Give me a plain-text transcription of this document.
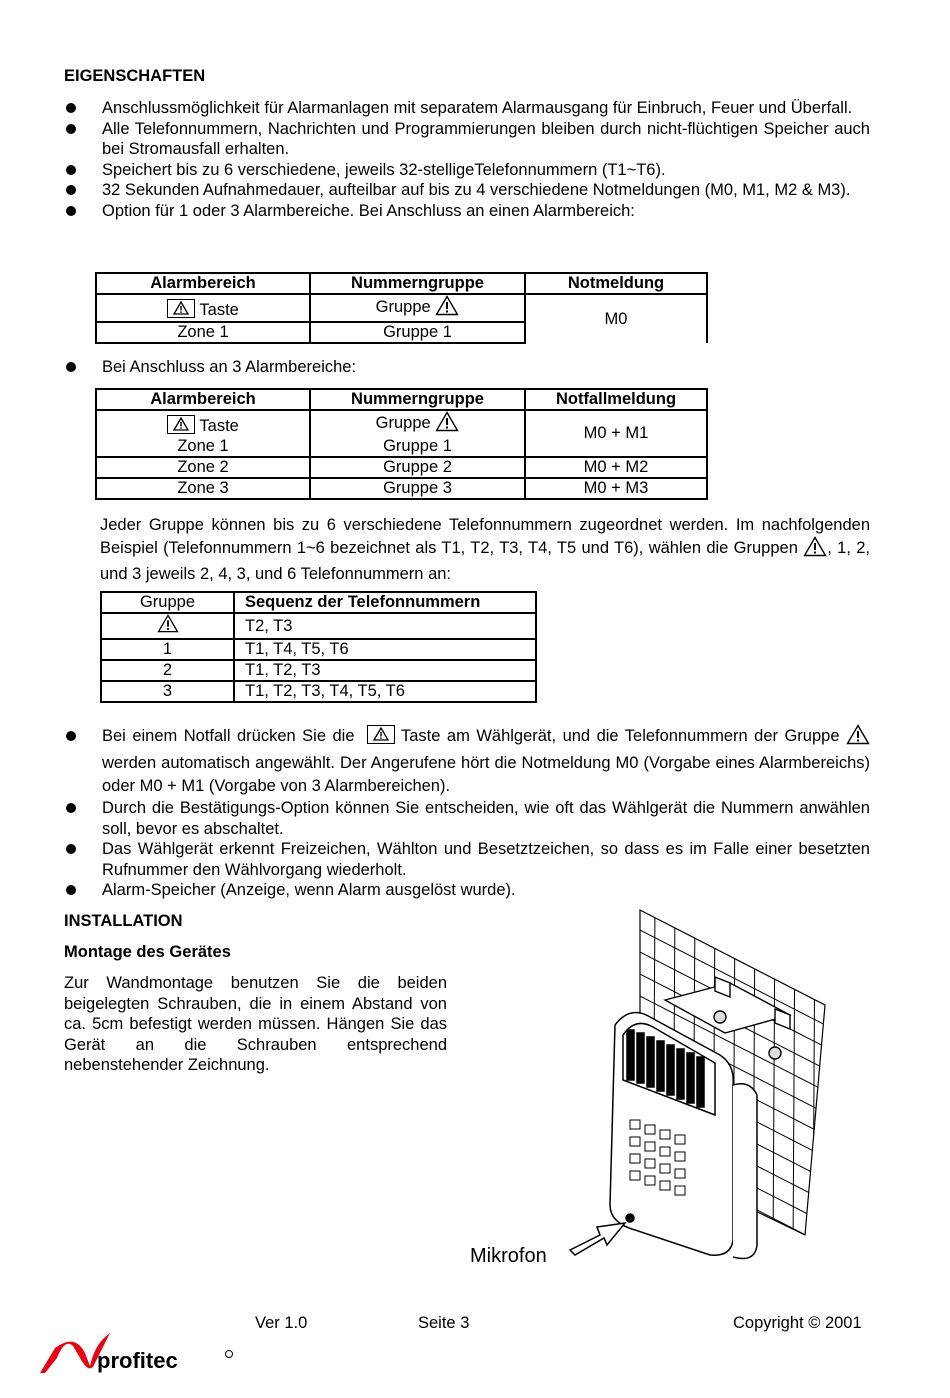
EIGENSCHAFTEN
Anschlussmöglichkeit für Alarmanlagen mit separatem Alarmausgang für Einbruch, Feuer und Überfall.
Alle Telefonnummern, Nachrichten und Programmierungen bleiben durch nicht-flüchtigen Speicher auch bei Stromausfall erhalten.
Speichert bis zu 6 verschiedene, jeweils 32-stelligeTelefonnummern (T1~T6).
32 Sekunden Aufnahmedauer, aufteilbar auf bis zu 4 verschiedene Notmeldungen (M0, M1, M2 & M3).
Option für 1 oder 3 Alarmbereiche. Bei Anschluss an einen Alarmbereich:
Alarmbereich	Nummerngruppe	Notmeldung

Taste	Gruppe	M0
Zone 1	Gruppe 1	
Bei Anschluss an 3 Alarmbereiche:
Alarmbereich	Nummerngruppe	Notfallmeldung

Taste	Gruppe	M0 + M1
Zone 1	Gruppe 1	
Zone 2	Gruppe 2	M0 + M2
Zone 3	Gruppe 3	M0 + M3
Jeder Gruppe können bis zu 6 verschiedene Telefonnummern zugeordnet werden. Im nachfolgenden Beispiel (Telefonnummern 1~6 bezeichnet als T1, T2, T3, T4, T5 und T6), wählen die Gruppen , 1, 2, und 3 jeweils 2, 4, 3, und 6 Telefonnummern an:
Gruppe	Sequenz der Telefonnummern
	T2, T3
1	T1, T4, T5, T6
2	T1, T2, T3
3	T1, T2, T3, T4, T5, T6
Bei einem Notfall drücken Sie die	Taste am Wählgerät, und die Telefonnummern der Gruppe  werden automatisch angewählt. Der Angerufene hört die Notmeldung M0 (Vorgabe eines Alarmbereichs) oder M0 + M1 (Vorgabe von 3 Alarmbereichen).
Durch die Bestätigungs-Option können Sie entscheiden, wie oft das Wählgerät die Nummern anwählen soll, bevor es abschaltet.
Das Wählgerät erkennt Freizeichen, Wählton und Besetztzeichen, so dass es im Falle einer besetzten Rufnummer den Wählvorgang wiederholt.
Alarm-Speicher (Anzeige, wenn Alarm ausgelöst wurde).
INSTALLATION
Montage des Gerätes
Zur Wandmontage benutzen Sie die beiden beigelegten Schrauben, die in einem Abstand von ca. 5cm befestigt werden müssen. Hängen Sie das Gerät an die Schrauben entsprechend nebenstehender Zeichnung.
Mikrofon
Ver 1.0	Seite 3	Copyright © 2001
profitec
